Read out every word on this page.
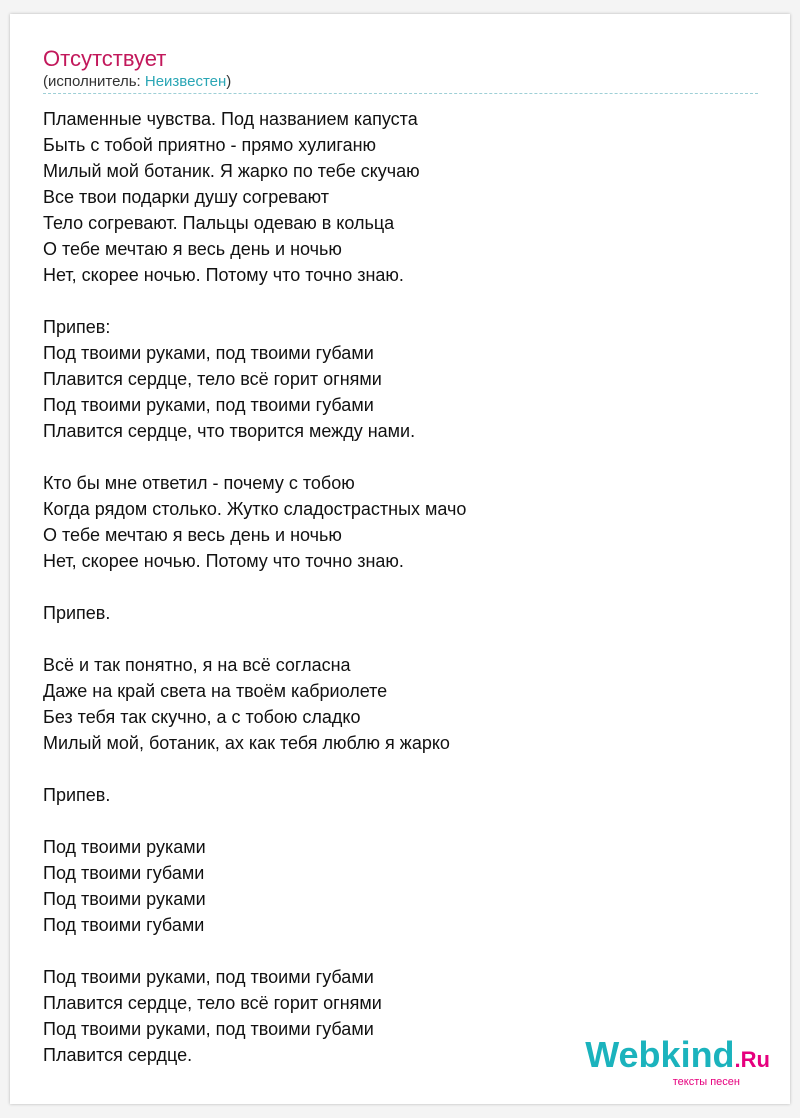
Отсутствует
(исполнитель: Неизвестен)
Пламенные чувства. Под названием капуста
Быть с тобой приятно - прямо хулиганю
Милый мой ботаник. Я жарко по тебе скучаю
Все твои подарки душу согревают
Тело согревают. Пальцы одеваю в кольца
О тебе мечтаю я весь день и ночью
Нет, скорее ночью. Потому что точно знаю.
Припев:
Под твоими руками, под твоими губами
Плавится сердце, тело всё горит огнями
Под твоими руками, под твоими губами
Плавится сердце, что творится между нами.
Кто бы мне ответил - почему с тобою
Когда рядом столько. Жутко сладострастных мачо
О тебе мечтаю я весь день и ночью
Нет, скорее ночью. Потому что точно знаю.
Припев.
Всё и так понятно, я на всё согласна
Даже на край света на твоём кабриолете
Без тебя так скучно, а с тобою сладко
Милый мой, ботаник, ах как тебя люблю я жарко
Припев.
Под твоими руками
Под твоими губами
Под твоими руками
Под твоими губами
Под твоими руками, под твоими губами
Плавится сердце, тело всё горит огнями
Под твоими руками, под твоими губами
Плавится сердце.	Webkind.Ru
тексты песен
